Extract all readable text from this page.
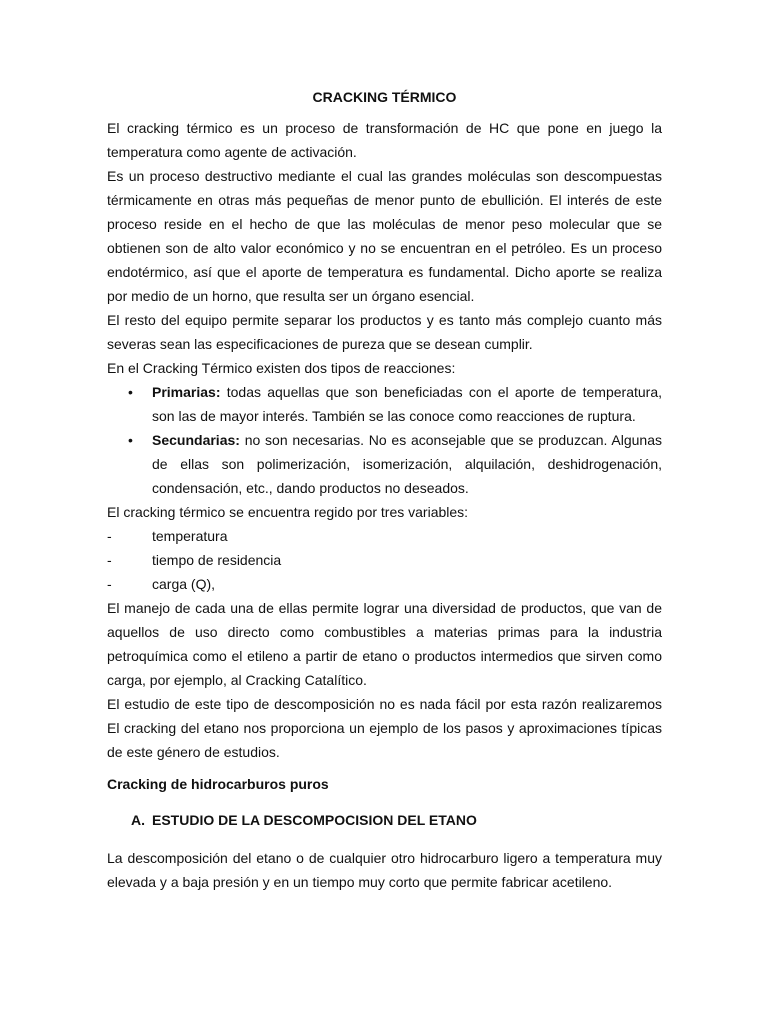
CRACKING TÉRMICO

El cracking térmico es un proceso de transformación de HC que pone en juego la temperatura como agente de activación.

Es un proceso destructivo mediante el cual las grandes moléculas son descompuestas térmicamente en otras más pequeñas de menor punto de ebullición. El interés de este proceso reside en el hecho de que las moléculas de menor peso molecular que se obtienen son de alto valor económico y no se encuentran en el petróleo. Es un proceso endotérmico, así que el aporte de temperatura es fundamental. Dicho aporte se realiza por medio de un horno, que resulta ser un órgano esencial.

El resto del equipo permite separar los productos y es tanto más complejo cuanto más severas sean las especificaciones de pureza que se desean cumplir.

En el Cracking Térmico existen dos tipos de reacciones:

• Primarias: todas aquellas que son beneficiadas con el aporte de temperatura, son las de mayor interés. También se las conoce como reacciones de ruptura.
• Secundarias: no son necesarias. No es aconsejable que se produzcan. Algunas de ellas son polimerización, isomerización, alquilación, deshidrogenación, condensación, etc., dando productos no deseados.

El cracking térmico se encuentra regido por tres variables:

-	temperatura
-	tiempo de residencia
-	carga (Q),

El manejo de cada una de ellas permite lograr una diversidad de productos, que van de aquellos de uso directo como combustibles a materias primas para la industria petroquímica como el etileno a partir de etano o productos intermedios que sirven como carga, por ejemplo, al Cracking Catalítico.

El estudio de este tipo de descomposición no es nada fácil por esta razón realizaremos El cracking del etano nos proporciona un ejemplo de los pasos y aproximaciones típicas de este género de estudios.

Cracking de hidrocarburos puros
A. ESTUDIO DE LA DESCOMPOCISION DEL ETANO

La descomposición del etano o de cualquier otro hidrocarburo ligero a temperatura muy elevada y a baja presión y en un tiempo muy corto que permite fabricar acetileno.
